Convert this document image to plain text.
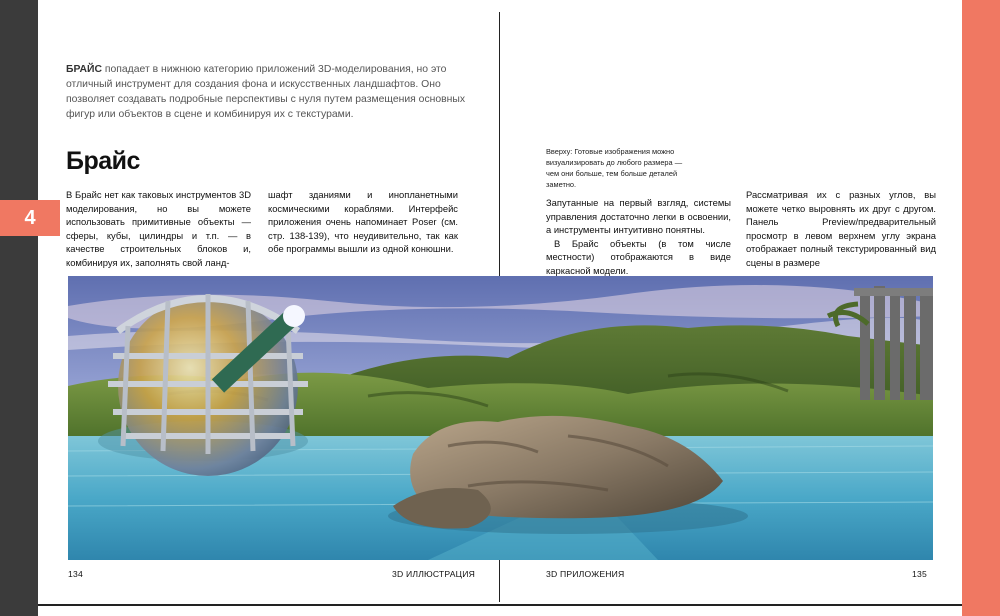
4
БРАЙС попадает в нижнюю категорию приложений 3D-моделирования, но это отличный инструмент для создания фона и искусственных ландшафтов. Оно позволяет создавать подробные перспективы с нуля путем размещения основных фигур или объектов в сцене и комбинируя их с текстурами.
Брайс	Вверху: Готовые изображения можно визуализировать до любого размера — чем они больше, тем больше деталей заметно.

В Брайс нет как таковых инструментов 3D моделирования, но вы можете использовать примитивные объекты — сферы, кубы, цилиндры и т.п. — в качестве строительных блоков и, комбинируя их, заполнять свой ланд-

шафт зданиями и инопланетными космическими кораблями. Интерфейс приложения очень напоминает Poser (см. стр. 138-139), что неудивительно, так как обе программы вышли из одной конюшни.

Запутанные на первый взгляд, системы управления достаточно легки в освоении, а инструменты интуитивно понятны.

В Брайс объекты (в том числе местности) отображаются в виде каркасной модели.

Рассматривая их с разных углов, вы можете четко выровнять их друг с другом. Панель Preview/предварительный просмотр в левом верхнем углу экрана отображает полный текстурированный вид сцены в размере

134	3D ИЛЛЮСТРАЦИЯ	3D ПРИЛОЖЕНИЯ	135
